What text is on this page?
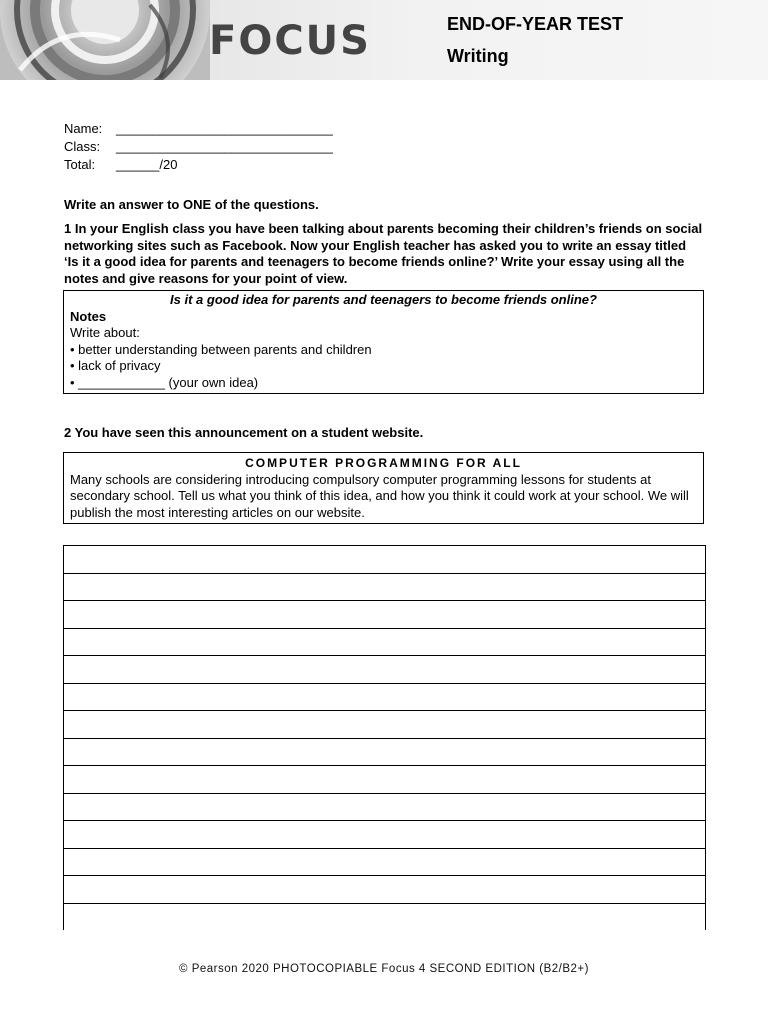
FOCUS	END-OF-YEAR TEST
Writing
Name:	______________________________
Class:	______________________________
Total:	______/20
Write an answer to ONE of the questions.
1 In your English class you have been talking about parents becoming their children’s friends on social networking sites such as Facebook. Now your English teacher has asked you to write an essay titled ‘Is it a good idea for parents and teenagers to become friends online?’ Write your essay using all the notes and give reasons for your point of view.
Is it a good idea for parents and teenagers to become friends online?
Notes
Write about:
• better understanding between parents and children
• lack of privacy
• ____________ (your own idea)
2 You have seen this announcement on a student website.
COMPUTER PROGRAMMING FOR ALL
Many schools are considering introducing compulsory computer programming lessons for students at secondary school. Tell us what you think of this idea, and how you think it could work at your school. We will publish the most interesting articles on our website.
© Pearson 2020 PHOTOCOPIABLE Focus 4 SECOND EDITION (B2/B2+)
